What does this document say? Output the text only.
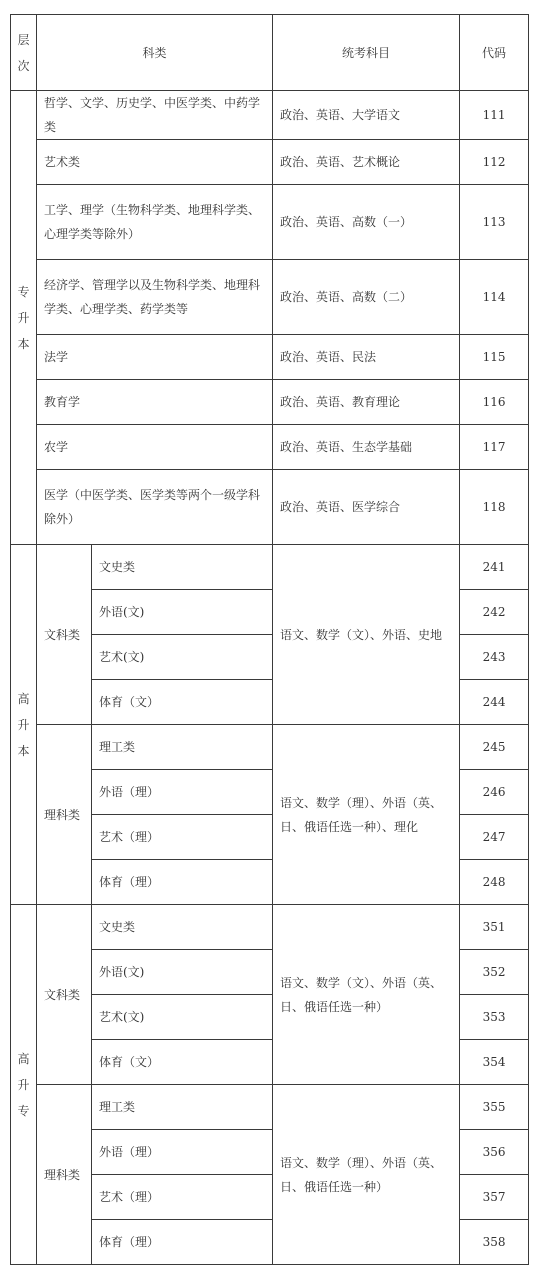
层次	科类		统考科目	代码
专升本	哲学、文学、历史学、中医学类、中药学类		政治、英语、大学语文	111
	艺术类		政治、英语、艺术概论	112
	工学、理学（生物科学类、地理科学类、心理学类等除外）		政治、英语、高数（一）	113
	经济学、管理学以及生物科学类、地理科学类、心理学类、药学类等		政治、英语、高数（二）	114
	法学		政治、英语、民法	115
	教育学		政治、英语、教育理论	116
	农学		政治、英语、生态学基础	117
	医学（中医学类、医学类等两个一级学科除外）		政治、英语、医学综合	118
高升本	文科类	文史类	语文、数学（文）、外语、史地	241
		外语(文)		242
		艺术(文)		243
		体育（文）		244
	理科类	理工类	语文、数学（理）、外语（英、日、俄语任选一种）、理化	245
		外语（理）		246
		艺术（理）		247
		体育（理）		248
高升专	文科类	文史类	语文、数学（文）、外语（英、日、俄语任选一种）	351
		外语(文)		352
		艺术(文)		353
		体育（文）		354
	理科类	理工类	语文、数学（理）、外语（英、日、俄语任选一种）	355
		外语（理）		356
		艺术（理）		357
		体育（理）		358
